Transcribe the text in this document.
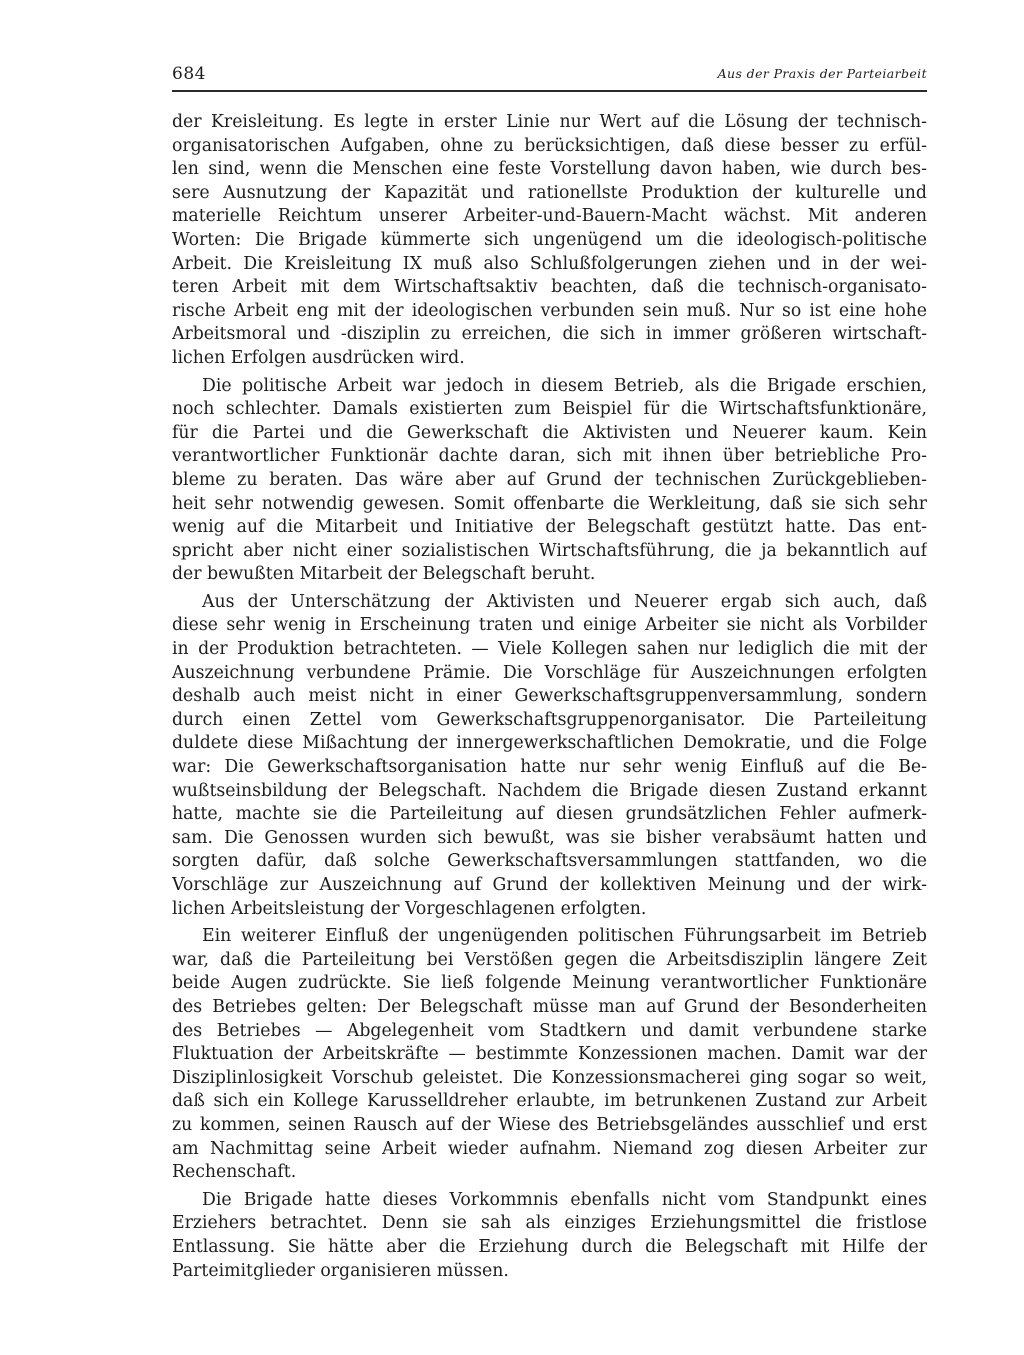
684	Aus der Praxis der Parteiarbeit
der Kreisleitung. Es legte in erster Linie nur Wert auf die Lösung der technisch-
organisatorischen Aufgaben, ohne zu berücksichtigen, daß diese besser zu erfül-
len sind, wenn die Menschen eine feste Vorstellung davon haben, wie durch bes-
sere Ausnutzung der Kapazität und rationellste Produktion der kulturelle und
materielle Reichtum unserer Arbeiter-und-Bauern-Macht wächst. Mit anderen
Worten: Die Brigade kümmerte sich ungenügend um die ideologisch-politische
Arbeit. Die Kreisleitung IX muß also Schlußfolgerungen ziehen und in der wei-
teren Arbeit mit dem Wirtschaftsaktiv beachten, daß die technisch-organisato-
rische Arbeit eng mit der ideologischen verbunden sein muß. Nur so ist eine hohe
Arbeitsmoral und -disziplin zu erreichen, die sich in immer größeren wirtschaft-
lichen Erfolgen ausdrücken wird.
Die politische Arbeit war jedoch in diesem Betrieb, als die Brigade erschien,
noch schlechter. Damals existierten zum Beispiel für die Wirtschaftsfunktionäre,
für die Partei und die Gewerkschaft die Aktivisten und Neuerer kaum. Kein
verantwortlicher Funktionär dachte daran, sich mit ihnen über betriebliche Pro-
bleme zu beraten. Das wäre aber auf Grund der technischen Zurückgeblieben-
heit sehr notwendig gewesen. Somit offenbarte die Werkleitung, daß sie sich sehr
wenig auf die Mitarbeit und Initiative der Belegschaft gestützt hatte. Das ent-
spricht aber nicht einer sozialistischen Wirtschaftsführung, die ja bekanntlich auf
der bewußten Mitarbeit der Belegschaft beruht.
Aus der Unterschätzung der Aktivisten und Neuerer ergab sich auch, daß
diese sehr wenig in Erscheinung traten und einige Arbeiter sie nicht als Vorbilder
in der Produktion betrachteten. — Viele Kollegen sahen nur lediglich die mit der
Auszeichnung verbundene Prämie. Die Vorschläge für Auszeichnungen erfolgten
deshalb auch meist nicht in einer Gewerkschaftsgruppenversammlung, sondern
durch einen Zettel vom Gewerkschaftsgruppenorganisator. Die Parteileitung
duldete diese Mißachtung der innergewerkschaftlichen Demokratie, und die Folge
war: Die Gewerkschaftsorganisation hatte nur sehr wenig Einfluß auf die Be-
wußtseinsbildung der Belegschaft. Nachdem die Brigade diesen Zustand erkannt
hatte, machte sie die Parteileitung auf diesen grundsätzlichen Fehler aufmerk-
sam. Die Genossen wurden sich bewußt, was sie bisher verabsäumt hatten und
sorgten dafür, daß solche Gewerkschaftsversammlungen stattfanden, wo die
Vorschläge zur Auszeichnung auf Grund der kollektiven Meinung und der wirk-
lichen Arbeitsleistung der Vorgeschlagenen erfolgten.
Ein weiterer Einfluß der ungenügenden politischen Führungsarbeit im Betrieb
war, daß die Parteileitung bei Verstößen gegen die Arbeitsdisziplin längere Zeit
beide Augen zudrückte. Sie ließ folgende Meinung verantwortlicher Funktionäre
des Betriebes gelten: Der Belegschaft müsse man auf Grund der Besonderheiten
des Betriebes — Abgelegenheit vom Stadtkern und damit verbundene starke
Fluktuation der Arbeitskräfte — bestimmte Konzessionen machen. Damit war der
Disziplinlosigkeit Vorschub geleistet. Die Konzessionsmacherei ging sogar so weit,
daß sich ein Kollege Karusselldreher erlaubte, im betrunkenen Zustand zur Arbeit
zu kommen, seinen Rausch auf der Wiese des Betriebsgeländes ausschlief und erst
am Nachmittag seine Arbeit wieder aufnahm. Niemand zog diesen Arbeiter zur
Rechenschaft.
Die Brigade hatte dieses Vorkommnis ebenfalls nicht vom Standpunkt eines
Erziehers betrachtet. Denn sie sah als einziges Erziehungsmittel die fristlose
Entlassung. Sie hätte aber die Erziehung durch die Belegschaft mit Hilfe der
Parteimitglieder organisieren müssen.
